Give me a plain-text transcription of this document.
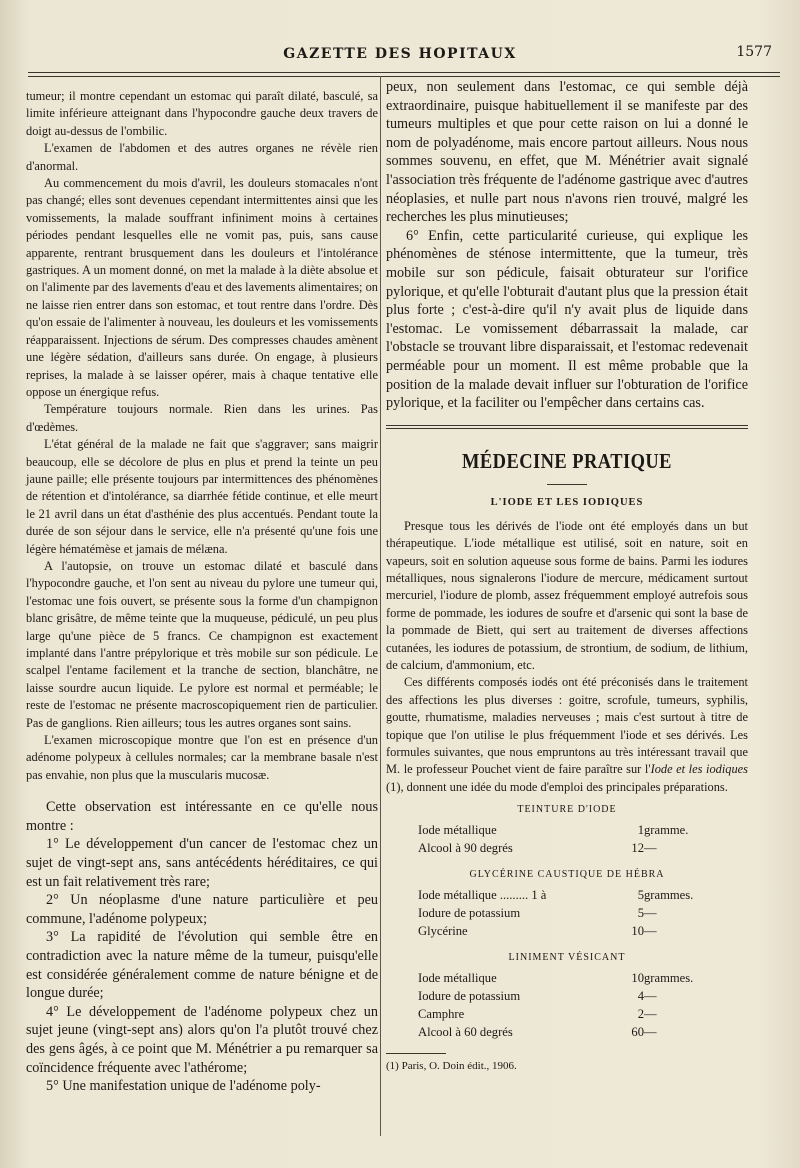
GAZETTE DES HOPITAUX	1577

tumeur; il montre cependant un estomac qui paraît dilaté, basculé, sa limite inférieure atteignant dans l'hypocondre gauche deux travers de doigt au-dessus de l'ombilic.

L'examen de l'abdomen et des autres organes ne révèle rien d'anormal.

Au commencement du mois d'avril, les douleurs stomacales n'ont pas changé; elles sont devenues cependant intermittentes ainsi que les vomissements, la malade souffrant infiniment moins à certaines périodes pendant lesquelles elle ne vomit pas, puis, sans cause apparente, rentrant brusquement dans les douleurs et l'intolérance gastriques. A un moment donné, on met la malade à la diète absolue et on l'alimente par des lavements d'eau et des lavements alimentaires; on ne laisse rien entrer dans son estomac, et tout rentre dans l'ordre. Dès qu'on essaie de l'alimenter à nouveau, les douleurs et les vomissements réapparaissent. Injections de sérum. Des compresses chaudes amènent une légère sédation, d'ailleurs sans durée. On engage, à plusieurs reprises, la malade à se laisser opérer, mais à chaque tentative elle oppose un énergique refus.

Température toujours normale. Rien dans les urines. Pas d'œdèmes.

L'état général de la malade ne fait que s'aggraver; sans maigrir beaucoup, elle se décolore de plus en plus et prend la teinte un peu jaune paille; elle présente toujours par intermittences des phénomènes de rétention et d'intolérance, sa diarrhée fétide continue, et elle meurt le 21 avril dans un état d'asthénie des plus accentués. Pendant toute la durée de son séjour dans le service, elle n'a présenté qu'une fois une légère hématémèse et jamais de mélæna.

A l'autopsie, on trouve un estomac dilaté et basculé dans l'hypocondre gauche, et l'on sent au niveau du pylore une tumeur qui, l'estomac une fois ouvert, se présente sous la forme d'un champignon blanc grisâtre, de même teinte que la muqueuse, pédiculé, un peu plus large qu'une pièce de 5 francs. Ce champignon est exactement implanté dans l'antre prépylorique et très mobile sur son pédicule. Le scalpel l'entame facilement et la tranche de section, blanchâtre, ne laisse sourdre aucun liquide. Le pylore est normal et perméable; le reste de l'estomac ne présente macroscopiquement rien de particulier. Pas de ganglions. Rien ailleurs; tous les autres organes sont sains.

L'examen microscopique montre que l'on est en présence d'un adénome polypeux à cellules normales; car la membrane basale n'est pas envahie, non plus que la muscularis mucosæ.

Cette observation est intéressante en ce qu'elle nous montre :

1° Le développement d'un cancer de l'estomac chez un sujet de vingt-sept ans, sans antécédents héréditaires, ce qui est un fait relativement très rare;

2° Un néoplasme d'une nature particulière et peu commune, l'adénome polypeux;

3° La rapidité de l'évolution qui semble être en contradiction avec la nature même de la tumeur, puisqu'elle est considérée généralement comme de nature bénigne et de longue durée;

4° Le développement de l'adénome polypeux chez un sujet jeune (vingt-sept ans) alors qu'on l'a plutôt trouvé chez des gens âgés, à ce point que M. Ménétrier a pu remarquer sa coïncidence fréquente avec l'athérome;

5° Une manifestation unique de l'adénome poly-

peux, non seulement dans l'estomac, ce qui semble déjà extraordinaire, puisque habituellement il se manifeste par des tumeurs multiples et que pour cette raison on lui a donné le nom de polyadénome, mais encore partout ailleurs. Nous nous sommes souvenu, en effet, que M. Ménétrier avait signalé l'association très fréquente de l'adénome gastrique avec d'autres néoplasies, et nulle part nous n'avons rien trouvé, malgré les recherches les plus minutieuses;

6° Enfin, cette particularité curieuse, qui explique les phénomènes de sténose intermittente, que la tumeur, très mobile sur son pédicule, faisait obturateur sur l'orifice pylorique, et qu'elle l'obturait d'autant plus que la pression était plus forte ; c'est-à-dire qu'il n'y avait plus de liquide dans l'estomac. Le vomissement débarrassait la malade, car l'obstacle se trouvant libre disparaissait, et l'estomac redevenait perméable pour un moment. Il est même probable que la position de la malade devait influer sur l'obturation de l'orifice pylorique, et la faciliter ou l'empêcher dans certains cas.

MÉDECINE PRATIQUE
L'IODE ET LES IODIQUES

Presque tous les dérivés de l'iode ont été employés dans un but thérapeutique. L'iode métallique est utilisé, soit en nature, soit en vapeurs, soit en solution aqueuse sous forme de bains. Parmi les iodures métalliques, nous signalerons l'iodure de mercure, médicament surtout mercuriel, l'iodure de plomb, assez fréquemment employé autrefois sous forme de pommade, les iodures de soufre et d'arsenic qui sont la base de la pommade de Biett, qui sert au traitement de diverses affections cutanées, les iodures de potassium, de strontium, de sodium, de lithium, de calcium, d'ammonium, etc.

Ces différents composés iodés ont été préconisés dans le traitement des affections les plus diverses : goitre, scrofule, tumeurs, syphilis, goutte, rhumatisme, maladies nerveuses ; mais c'est surtout à titre de topique que l'on utilise le plus fréquemment l'iode et ses dérivés. Les formules suivantes, que nous empruntons au très intéressant travail que M. le professeur Pouchet vient de faire paraître sur l'Iode et les iodiques (1), donnent une idée du mode d'emploi des principales préparations.

TEINTURE D'IODE
Iode métallique	1	gramme.
Alcool à 90 degrés	12	—
GLYCÉRINE CAUSTIQUE DE HÉBRA
Iode métallique ......... 1 à	5	grammes.
Iodure de potassium	5	—
Glycérine	10	—
LINIMENT VÉSICANT
Iode métallique	10	grammes.
Iodure de potassium	4	—
Camphre	2	—
Alcool à 60 degrés	60	—
(1) Paris, O. Doin édit., 1906.
